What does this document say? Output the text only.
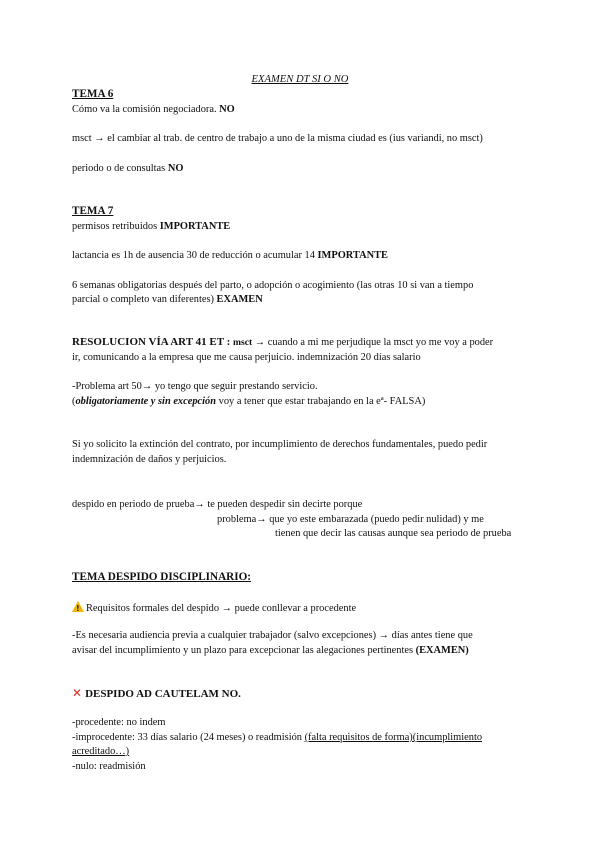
EXAMEN DT SI O NO
TEMA 6
Cómo va la comisión negociadora. NO
msct → el cambiar al trab. de centro de trabajo a uno de la misma ciudad es (ius variandi, no msct)
periodo o de consultas NO
TEMA 7
permisos retribuidos IMPORTANTE
lactancia es 1h de ausencia 30 de reducción o acumular 14 IMPORTANTE
6 semanas obligatorias después del parto, o adopción o acogimiento (las otras 10 si van a tiempo
parcial o completo van diferentes) EXAMEN
RESOLUCION VÍA ART 41 ET : msct → cuando a mi me perjudique la msct yo me voy a poder
ir, comunicando a la empresa que me causa perjuicio. indemnización 20 días salario
-Problema art 50→ yo tengo que seguir prestando servicio.
(obligatoriamente y sin excepción voy a tener que estar trabajando en la eª- FALSA)
Si yo solicito la extinción del contrato, por incumplimiento de derechos fundamentales, puedo pedir
indemnización de daños y perjuicios.
despido en periodo de prueba→ te pueden despedir sin decirte porque
problema→ que yo este embarazada (puedo pedir nulidad) y me
tienen que decir las causas aunque sea periodo de prueba
TEMA DESPIDO DISCIPLINARIO:
!Requisitos formales del despido → puede conllevar a procedente
-Es necesaria audiencia previa a cualquier trabajador (salvo excepciones) → días antes tiene que
avisar del incumplimiento y un plazo para excepcionar las alegaciones pertinentes (EXAMEN)
✕ DESPIDO AD CAUTELAM NO.
-procedente: no indem
-improcedente: 33 días salario (24 meses) o readmisión (falta requisitos de forma)(incumplimiento
acreditado…)
-nulo: readmisión
